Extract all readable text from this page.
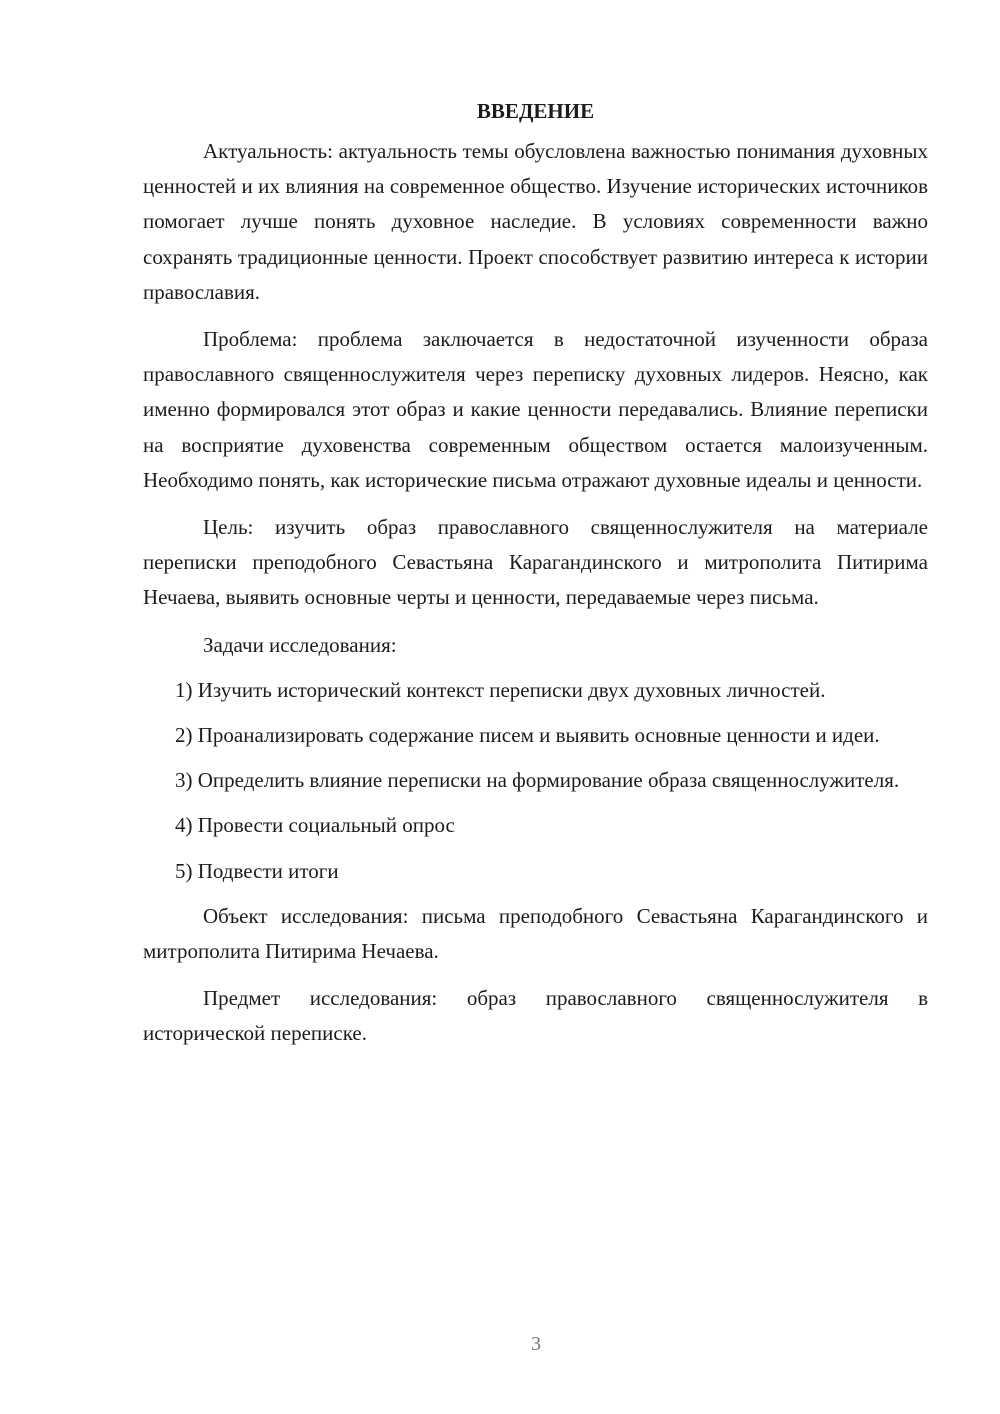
ВВЕДЕНИЕ

Актуальность: актуальность темы обусловлена важностью понимания духовных ценностей и их влияния на современное общество. Изучение исторических источников помогает лучше понять духовное наследие. В условиях современности важно сохранять традиционные ценности. Проект способствует развитию интереса к истории православия.

Проблема: проблема заключается в недостаточной изученности образа православного священнослужителя через переписку духовных лидеров. Неясно, как именно формировался этот образ и какие ценности передавались. Влияние переписки на восприятие духовенства современным обществом остается малоизученным. Необходимо понять, как исторические письма отражают духовные идеалы и ценности.

Цель: изучить образ православного священнослужителя на материале переписки преподобного Севастьяна Карагандинского и митрополита Питирима Нечаева, выявить основные черты и ценности, передаваемые через письма.

Задачи исследования:

1) Изучить исторический контекст переписки двух духовных личностей.

2) Проанализировать содержание писем и выявить основные ценности и идеи.

3) Определить влияние переписки на формирование образа священнослужителя.

4) Провести социальный опрос

5) Подвести итоги

Объект исследования: письма преподобного Севастьяна Карагандинского и митрополита Питирима Нечаева.

Предмет исследования: образ православного священнослужителя в исторической переписке.

3
